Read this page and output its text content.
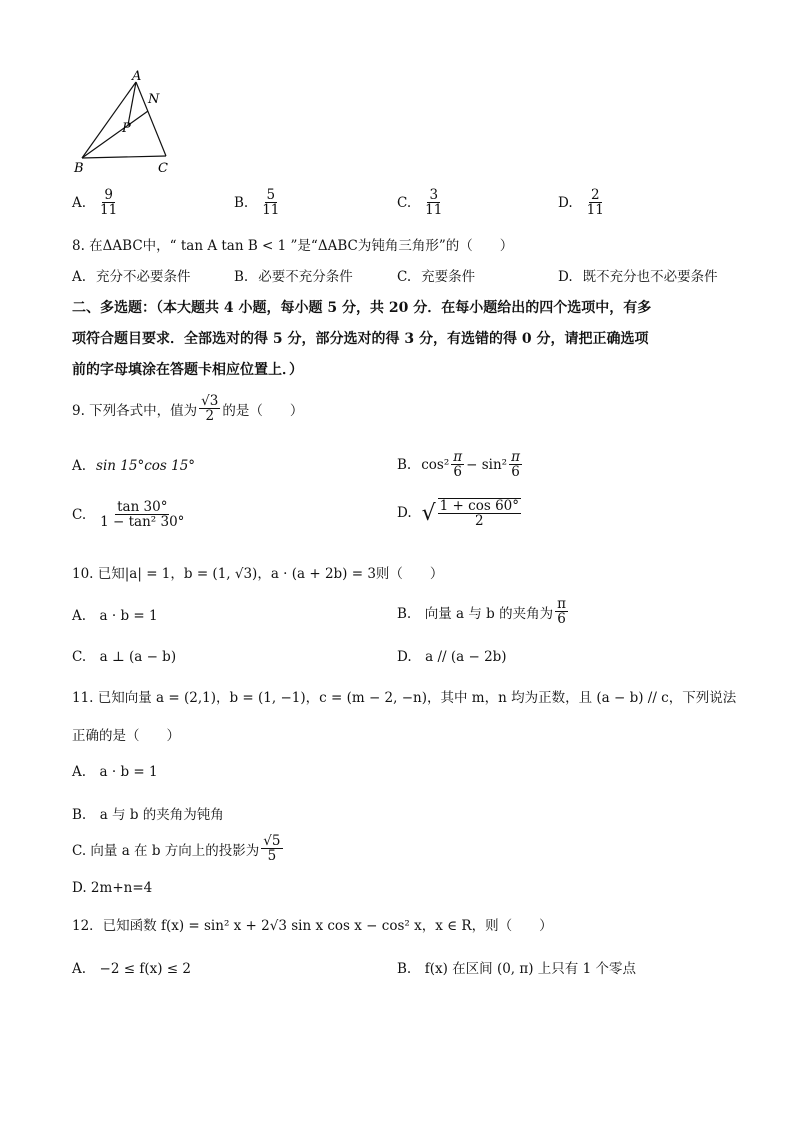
A
N
P
B	C
A. $\frac{9}{11}$	B. $\frac{5}{11}$	C. $\frac{3}{11}$	D. $\frac{2}{11}$
8. 在ΔABC中，“ tan A tan B < 1 ”是“ΔABC为钝角三角形”的（　　）
A. 充分不必要条件	B. 必要不充分条件	C. 充要条件	D. 既不充分也不必要条件
二、多选题：（本大题共 4 小题，每小题 5 分，共 20 分．在每小题给出的四个选项中，有多
项符合题目要求．全部选对的得 5 分，部分选对的得 3 分，有选错的得 0 分，请把正确选项
前的字母填涂在答题卡相应位置上．）
9. 下列各式中，值为 $\frac{√3}{2}$ 的是（　　）
A. sin 15°cos 15°	B. $\cos^2 \frac{\pi}{6} - \sin^2 \frac{\pi}{6}$
C. $\frac{\tan 30^\circ}{\text{1 − tan² 30°}}$	D. √ $\frac{1 + \cos 60^\circ}{2}$
10. 已知|a| = 1，b = (1, √3)，a · (a + 2b) = 3则（　　）
A.　a · b = 1	B.　向量 a 与 b 的夹角为 $\frac{\pi}{6}$
C.　a ⊥ (a − b)	D.　a // (a − 2b)
11. 已知向量 a = (2,1)，b = (1, −1)，c = (m − 2, −n)，其中 m，n 均为正数，且 (a − b) // c，下列说法
正确的是（　　）
A.　a · b = 1
B.　a 与 b 的夹角为钝角
C. 向量 a 在 b 方向上的投影为 $\frac{√5}{5}$
D. 2m+n=4
12．已知函数 f(x) = sin² x + 2√3 sin x cos x − cos² x，x ∈ R，则（　　）
A.　−2 ≤ f(x) ≤ 2	B.　f(x) 在区间 (0, π) 上只有 1 个零点
